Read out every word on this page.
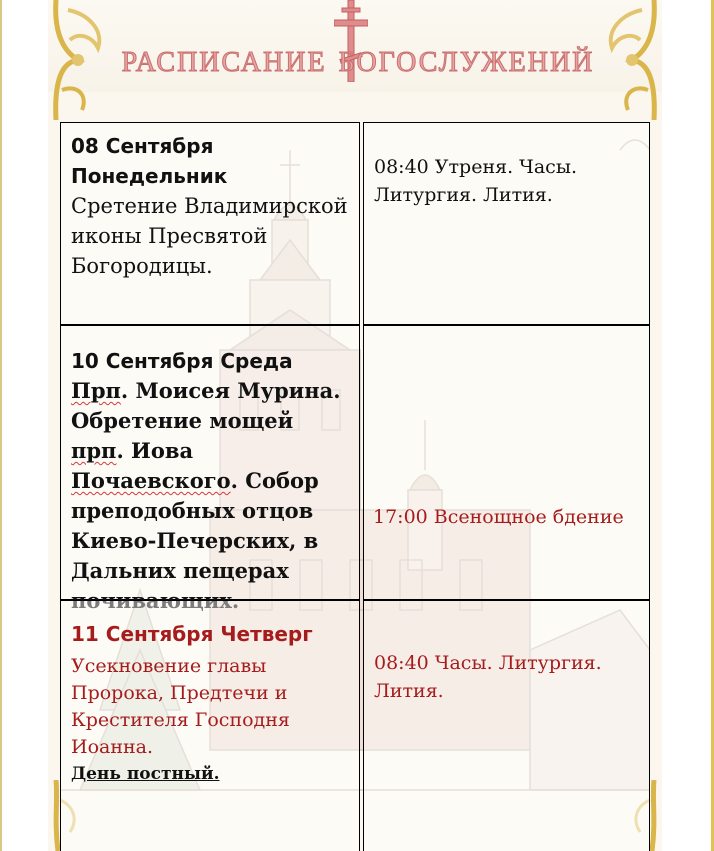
расписание богослужений
08 Сентября Понедельник
Сретение Владимирской иконы Пресвятой Богородицы.
08:40 Утреня. Часы. Литургия. Лития.
10 Сентября Среда
Прп. Моисея Мурина. Обретение мощей прп. Иова Почаевского. Собор преподобных отцов Киево-Печерских, в Дальних пещерах почивающих.
17:00 Всенощное бдение
11 Сентября Четверг
Усекновение главы Пророка, Предтечи и Крестителя Господня Иоанна.
День постный.
08:40 Часы. Литургия. Лития.
